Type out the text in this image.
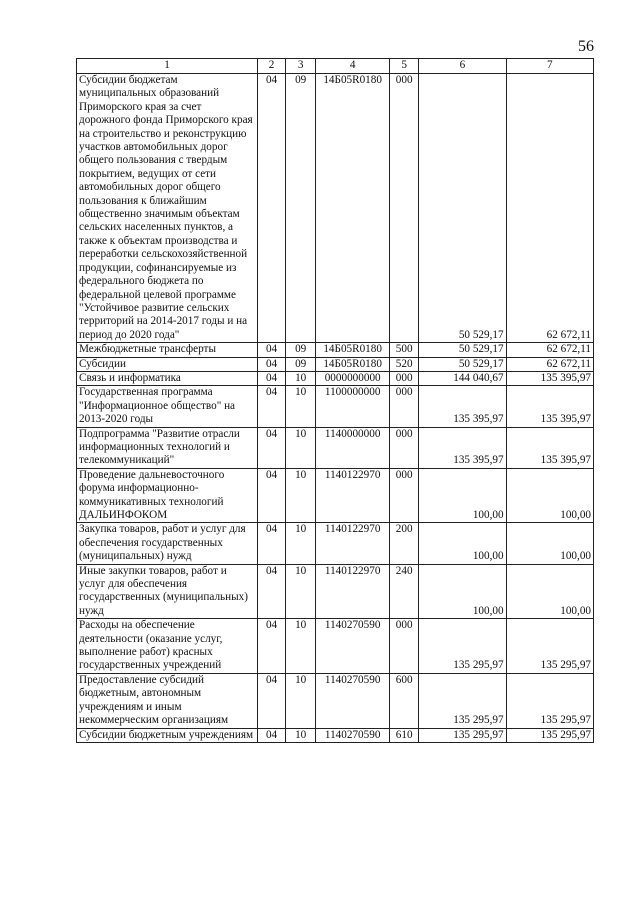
56
1	2	3	4	5	6	7
Субсидии бюджетам муниципальных образований Приморского края за счет дорожного фонда Приморского края на строительство и реконструкцию участков автомобильных дорог общего пользования с твердым покрытием, ведущих от сети автомобильных дорог общего пользования к ближайшим общественно значимым объектам сельских населенных пунктов, а также к объектам производства и переработки сельскохозяйственной продукции, софинансируемые из федерального бюджета по федеральной целевой программе "Устойчивое развитие сельских территорий на 2014-2017 годы и на период до 2020 года"	04	09	14Б05R0180	000	50 529,17	62 672,11
Межбюджетные трансферты	04	09	14Б05R0180	500	50 529,17	62 672,11
Субсидии	04	09	14Б05R0180	520	50 529,17	62 672,11
Связь и информатика	04	10	0000000000	000	144 040,67	135 395,97
Государственная программа "Информационное общество" на 2013-2020 годы	04	10	1100000000	000	135 395,97	135 395,97
Подпрограмма "Развитие отрасли информационных технологий и телекоммуникаций"	04	10	1140000000	000	135 395,97	135 395,97
Проведение дальневосточного форума информационно-коммуникативных технологий ДАЛЬИНФОКОМ	04	10	1140122970	000	100,00	100,00
Закупка товаров, работ и услуг для обеспечения государственных (муниципальных) нужд	04	10	1140122970	200	100,00	100,00
Иные закупки товаров, работ и услуг для обеспечения государственных (муниципальных) нужд	04	10	1140122970	240	100,00	100,00
Расходы на обеспечение деятельности (оказание услуг, выполнение работ) красных государственных учреждений	04	10	1140270590	000	135 295,97	135 295,97
Предоставление субсидий бюджетным, автономным учреждениям и иным некоммерческим организациям	04	10	1140270590	600	135 295,97	135 295,97
Субсидии бюджетным учреждениям	04	10	1140270590	610	135 295,97	135 295,97
